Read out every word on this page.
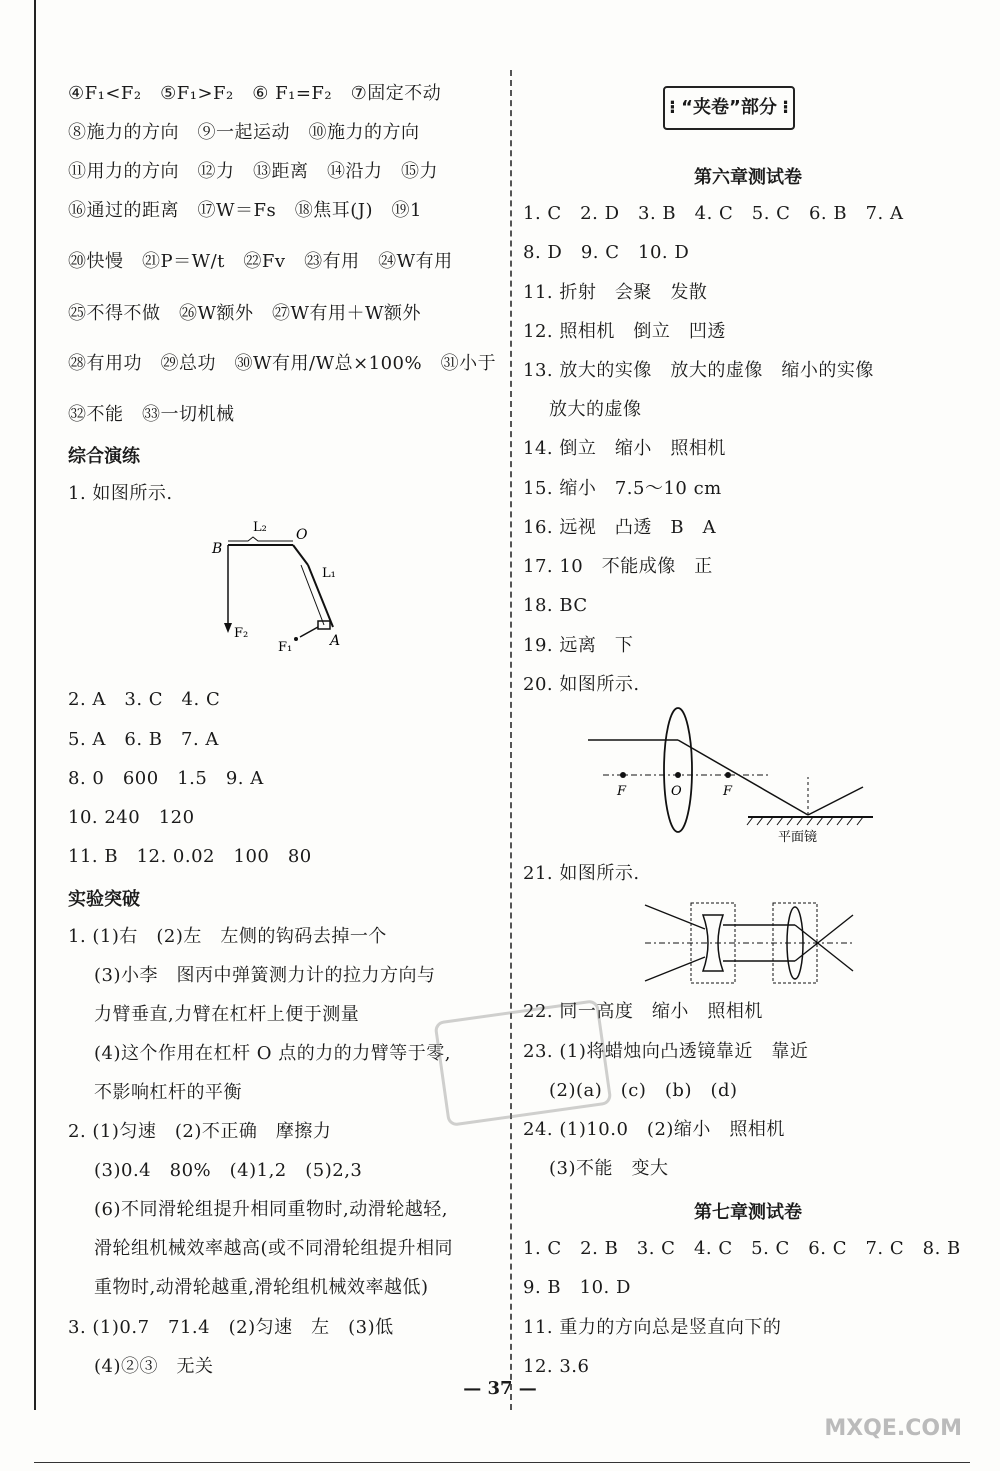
④F₁<F₂　⑤F₁>F₂　⑥ F₁=F₂　⑦固定不动
⑧施力的方向　⑨一起运动　⑩施力的方向
⑪用力的方向　⑫力　⑬距离　⑭沿力　⑮力
⑯通过的距离　⑰W＝Fs　⑱焦耳(J)　⑲1
⑳快慢　㉑P＝W/t　㉒Fv　㉓有用　㉔W有用
㉕不得不做　㉖W额外　㉗W有用＋W额外
㉘有用功　㉙总功　㉚W有用/W总×100%　㉛小于
㉜不能　㉝一切机械
综合演练
1. 如图所示.
L₂
B
O
L₁
F₂
F₁	A
2. A　3. C　4. C
5. A　6. B　7. A
8. 0　600　1.5　9. A
10. 240　120
11. B　12. 0.02　100　80
实验突破
1. (1)右　(2)左　左侧的钩码去掉一个
(3)小李　图丙中弹簧测力计的拉力方向与
力臂垂直,力臂在杠杆上便于测量
(4)这个作用在杠杆 O 点的力的力臂等于零,
不影响杠杆的平衡
2. (1)匀速　(2)不正确　摩擦力
(3)0.4　80%　(4)1,2　(5)2,3
(6)不同滑轮组提升相同重物时,动滑轮越轻,
滑轮组机械效率越高(或不同滑轮组提升相同
重物时,动滑轮越重,滑轮组机械效率越低)
3. (1)0.7　71.4　(2)匀速　左　(3)低
(4)②③　无关
⁝ “夹卷”部分 ⁝
第六章测试卷
1. C　2. D　3. B　4. C　5. C　6. B　7. A
8. D　9. C　10. D
11. 折射　会聚　发散
12. 照相机　倒立　凹透
13. 放大的实像　放大的虚像　缩小的实像
放大的虚像
14. 倒立　缩小　照相机
15. 缩小　7.5～10 cm
16. 远视　凸透　B　A
17. 10　不能成像　正
18. BC
19. 远离　下
20. 如图所示.
F	O	F
平面镜
21. 如图所示.
22. 同一高度　缩小　照相机
23. (1)将蜡烛向凸透镜靠近　靠近
(2)(a)　(c)　(b)　(d)
24. (1)10.0　(2)缩小　照相机
(3)不能　变大
第七章测试卷
1. C　2. B　3. C　4. C　5. C　6. C　7. C　8. B
9. B　10. D
11. 重力的方向总是竖直向下的
12. 3.6
— 37 —
MXQE.COM
